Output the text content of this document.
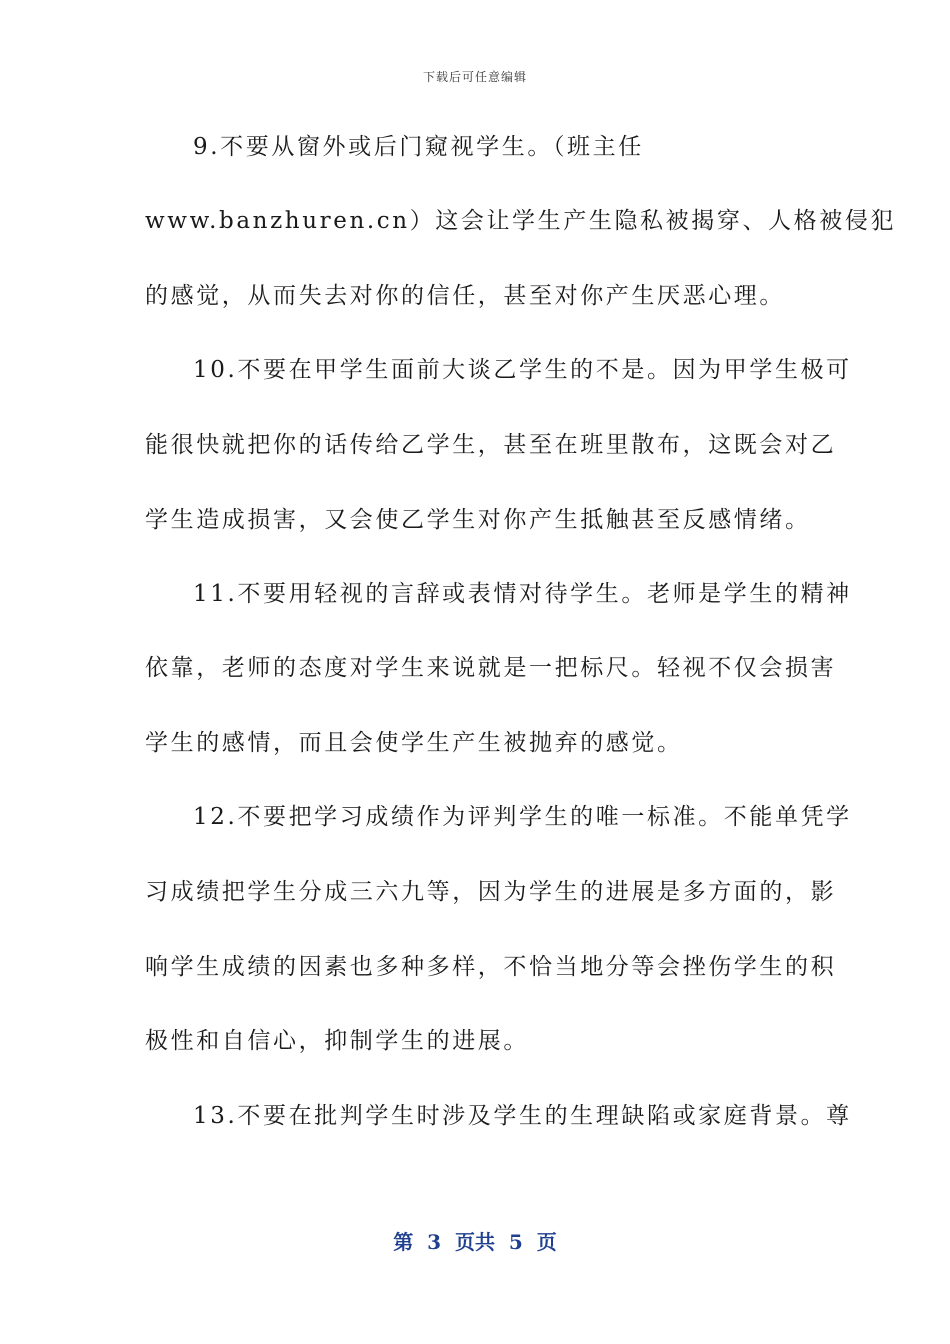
下载后可任意编辑
9.不要从窗外或后门窥视学生。（班主任
www.banzhuren.cn）这会让学生产生隐私被揭穿、人格被侵犯
的感觉，从而失去对你的信任，甚至对你产生厌恶心理。
10.不要在甲学生面前大谈乙学生的不是。因为甲学生极可
能很快就把你的话传给乙学生，甚至在班里散布，这既会对乙
学生造成损害，又会使乙学生对你产生抵触甚至反感情绪。
11.不要用轻视的言辞或表情对待学生。老师是学生的精神
依靠，老师的态度对学生来说就是一把标尺。轻视不仅会损害
学生的感情，而且会使学生产生被抛弃的感觉。
12.不要把学习成绩作为评判学生的唯一标准。不能单凭学
习成绩把学生分成三六九等，因为学生的进展是多方面的，影
响学生成绩的因素也多种多样，不恰当地分等会挫伤学生的积
极性和自信心，抑制学生的进展。
13.不要在批判学生时涉及学生的生理缺陷或家庭背景。尊
第  3  页共  5  页
